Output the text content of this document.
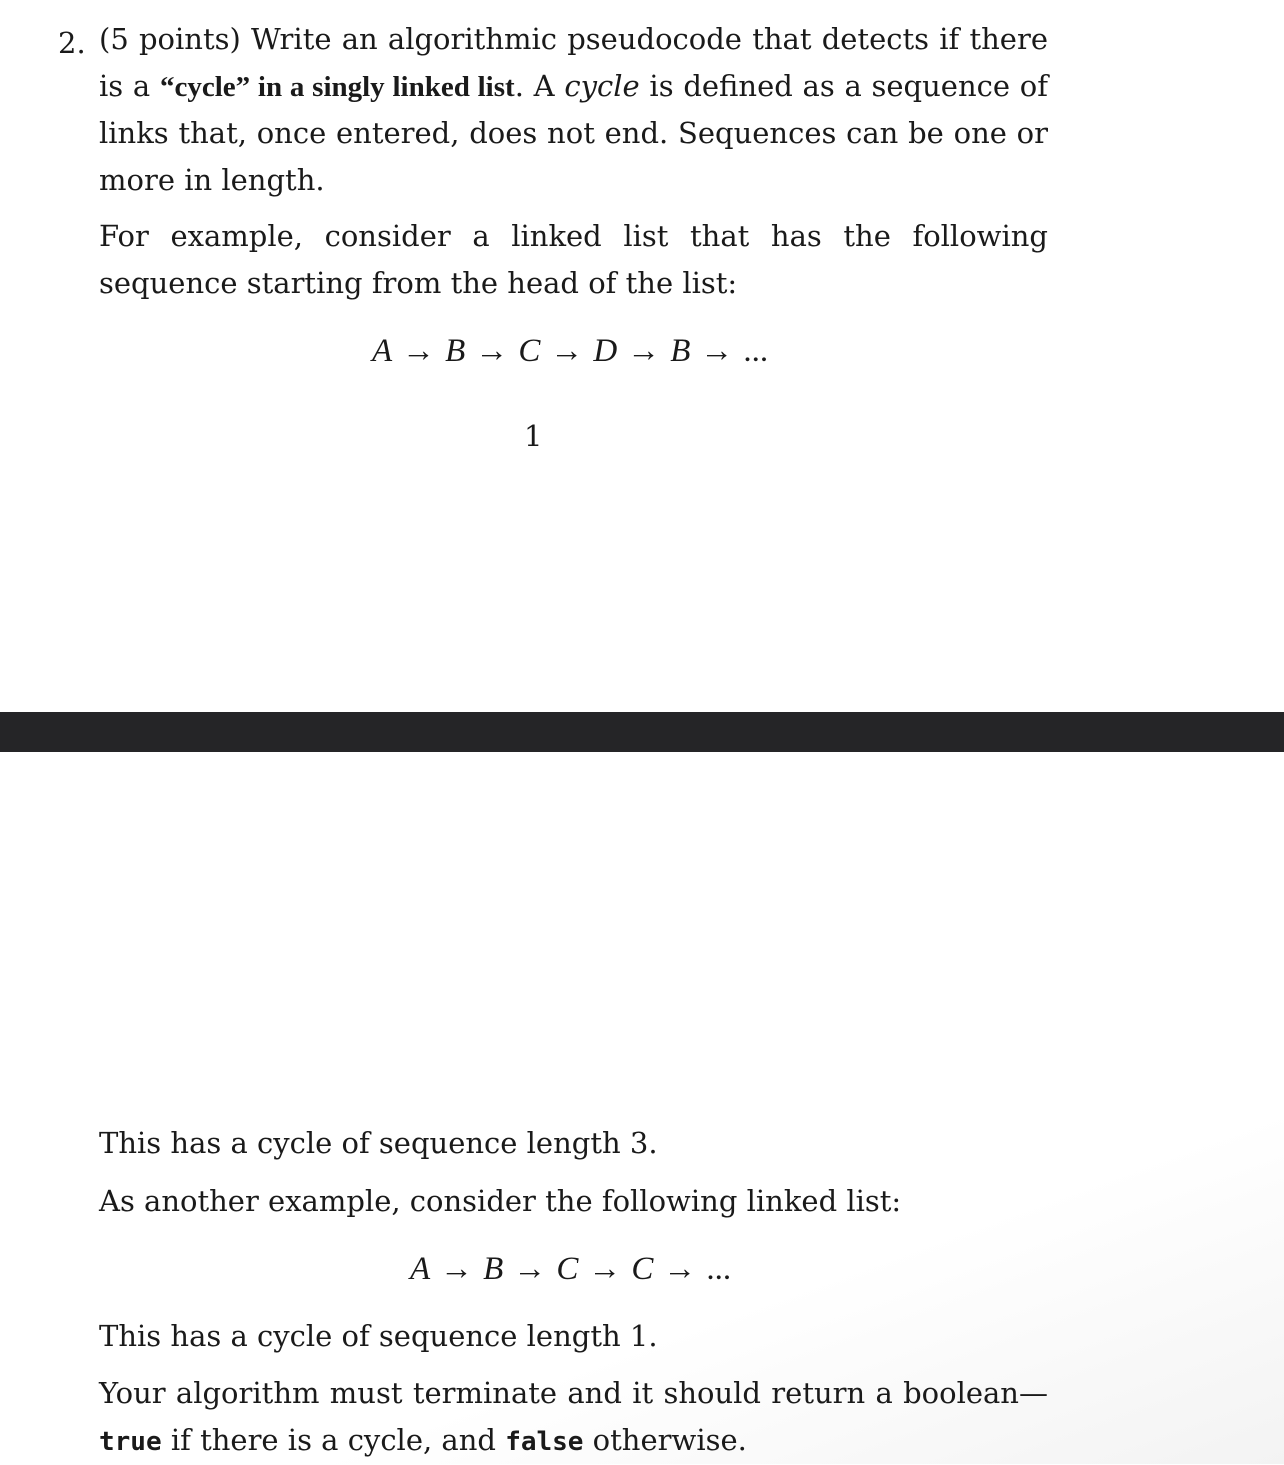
2. (5 points) Write an algorithmic pseudocode that detects if there is a “cycle” in a singly linked list. A cycle is defined as a sequence of links that, once entered, does not end. Sequences can be one or more in length.

For example, consider a linked list that has the following sequence starting from the head of the list:

A → B → C → D → B → ...

1

This has a cycle of sequence length 3.

As another example, consider the following linked list:

A → B → C → C → ...

This has a cycle of sequence length 1.

Your algorithm must terminate and it should return a boolean—true if there is a cycle, and false otherwise.
